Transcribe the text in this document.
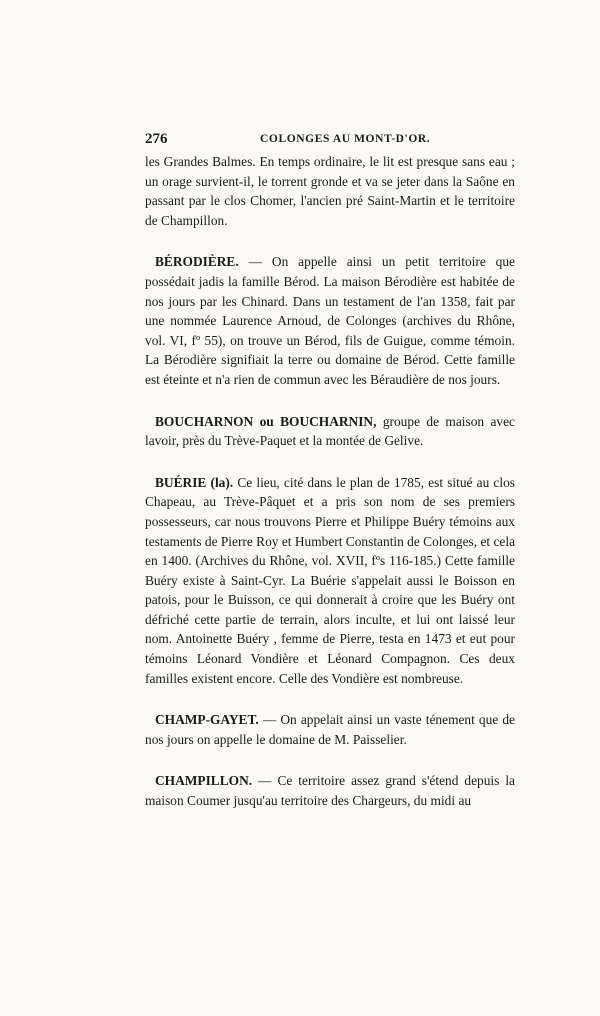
276	COLONGES AU MONT-D'OR.

les Grandes Balmes. En temps ordinaire, le lit est presque sans eau ; un orage survient-il, le torrent gronde et va se jeter dans la Saône en passant par le clos Chomer, l'ancien pré Saint-Martin et le territoire de Champillon.

BÉRODIÈRE. — On appelle ainsi un petit territoire que possédait jadis la famille Bérod. La maison Bérodière est habitée de nos jours par les Chinard. Dans un testament de l'an 1358, fait par une nommée Laurence Arnoud, de Colonges (archives du Rhône, vol. VI, fº 55), on trouve un Bérod, fils de Guigue, comme témoin. La Bérodière signifiait la terre ou domaine de Bérod. Cette famille est éteinte et n'a rien de commun avec les Béraudière de nos jours.

BOUCHARNON ou BOUCHARNIN, groupe de maison avec lavoir, près du Trève-Paquet et la montée de Gelive.

BUÉRIE (la). Ce lieu, cité dans le plan de 1785, est situé au clos Chapeau, au Trève-Pâquet et a pris son nom de ses premiers possesseurs, car nous trouvons Pierre et Philippe Buéry témoins aux testaments de Pierre Roy et Humbert Constantin de Colonges, et cela en 1400. (Archives du Rhône, vol. XVII, fºs 116-185.) Cette famille Buéry existe à Saint-Cyr. La Buérie s'appelait aussi le Boisson en patois, pour le Buisson, ce qui donnerait à croire que les Buéry ont défriché cette partie de terrain, alors inculte, et lui ont laissé leur nom. Antoinette Buéry , femme de Pierre, testa en 1473 et eut pour témoins Léonard Vondière et Léonard Compagnon. Ces deux familles existent encore. Celle des Vondière est nombreuse.

CHAMP-GAYET. — On appelait ainsi un vaste ténement que de nos jours on appelle le domaine de M. Paisselier.

CHAMPILLON. — Ce territoire assez grand s'étend depuis la maison Coumer jusqu'au territoire des Chargeurs, du midi au
